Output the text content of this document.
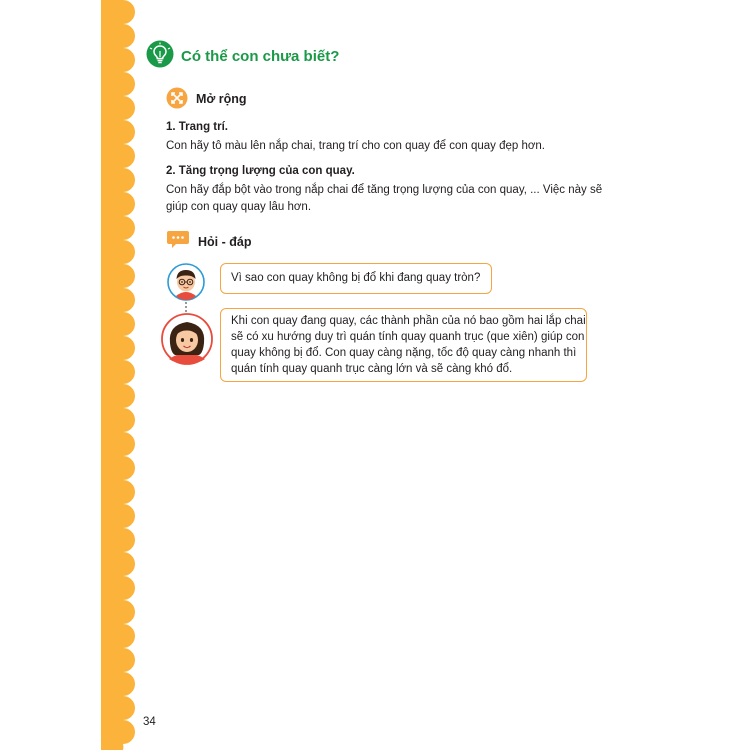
Có thể con chưa biết?
Mở rộng
1. Trang trí.
Con hãy tô màu lên nắp chai, trang trí cho con quay để con quay đẹp hơn.
2. Tăng trọng lượng của con quay.
Con hãy đắp bột vào trong nắp chai để tăng trọng lượng của con quay, ... Việc này sẽ
giúp con quay quay lâu hơn.
Hỏi - đáp
Vì sao con quay không bị đổ khi đang quay tròn?
Khi con quay đang quay, các thành phần của nó bao gồm hai lắp chai
sẽ có xu hướng duy trì quán tính quay quanh trục (que xiên) giúp con
quay không bị đổ. Con quay càng nặng, tốc độ quay càng nhanh thì
quán tính quay quanh trục càng lớn và sẽ càng khó đổ.
34
